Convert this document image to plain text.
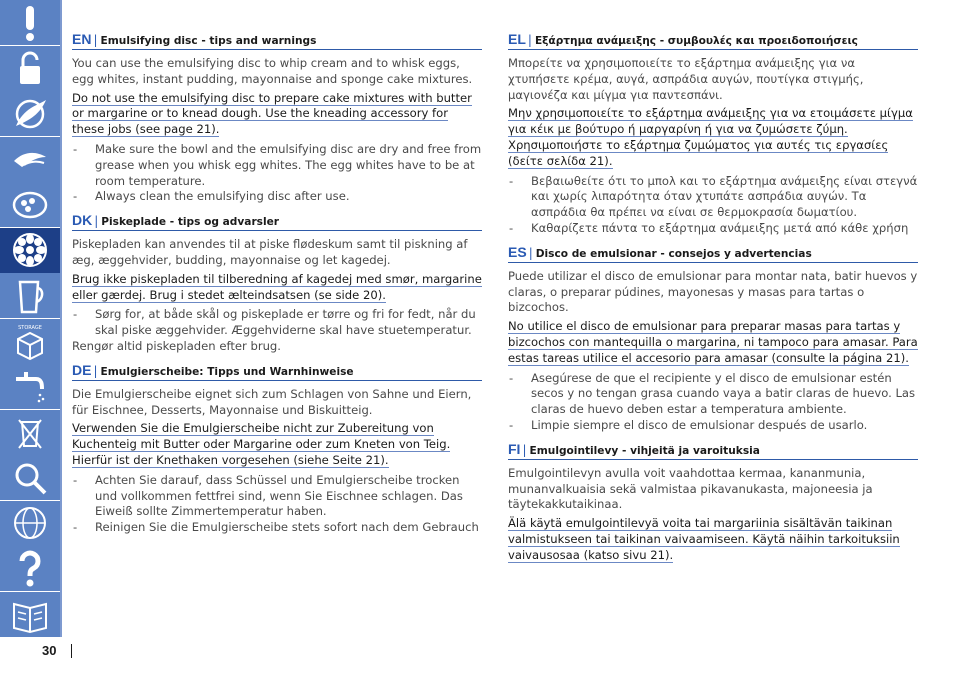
STORAGE
EN | Emulsifying disc - tips and warnings

You can use the emulsifying disc to whip cream and to whisk eggs, egg whites, instant pudding, mayonnaise and sponge cake mixtures.

Do not use the emulsifying disc to prepare cake mixtures with butter or margarine or to knead dough. Use the kneading accessory for these jobs (see page 21).

- Make sure the bowl and the emulsifying disc are dry and free from grease when you whisk egg whites. The egg whites have to be at room temperature.
- Always clean the emulsifying disc after use.
DK | Piskeplade - tips og advarsler

Piskepladen kan anvendes til at piske flødeskum samt til piskning af æg, æggehvider, budding, mayonnaise og let kagedej.

Brug ikke piskepladen til tilberedning af kagedej med smør, margarine eller gærdej. Brug i stedet ælteindsatsen (se side 20).

- Sørg for, at både skål og piskeplade er tørre og fri for fedt, når du skal piske æggehvider. Æggehviderne skal have stuetemperatur.

Rengør altid piskepladen efter brug.

DE | Emulgierscheibe: Tipps und Warnhinweise

Die Emulgierscheibe eignet sich zum Schlagen von Sahne und Eiern, für Eischnee, Desserts, Mayonnaise und Biskuitteig.

Verwenden Sie die Emulgierscheibe nicht zur Zubereitung von Kuchenteig mit Butter oder Margarine oder zum Kneten von Teig. Hierfür ist der Knethaken vorgesehen (siehe Seite 21).

- Achten Sie darauf, dass Schüssel und Emulgierscheibe trocken und vollkommen fettfrei sind, wenn Sie Eischnee schlagen. Das Eiweiß sollte Zimmertemperatur haben.
- Reinigen Sie die Emulgierscheibe stets sofort nach dem Gebrauch
EL | Εξάρτημα ανάμειξης - συμβουλές και προειδοποιήσεις

Μπορείτε να χρησιμοποιείτε το εξάρτημα ανάμειξης για να χτυπήσετε κρέμα, αυγά, ασπράδια αυγών, πουτίγκα στιγμής, μαγιονέζα και μίγμα για παντεσπάνι.

Μην χρησιμοποιείτε το εξάρτημα ανάμειξης για να ετοιμάσετε μίγμα για κέικ με βούτυρο ή μαργαρίνη ή για να ζυμώσετε ζύμη. Χρησιμοποιήστε το εξάρτημα ζυμώματος για αυτές τις εργασίες (δείτε σελίδα 21).

- Βεβαιωθείτε ότι το μπολ και το εξάρτημα ανάμειξης είναι στεγνά και χωρίς λιπαρότητα όταν χτυπάτε ασπράδια αυγών. Τα ασπράδια θα πρέπει να είναι σε θερμοκρασία δωματίου.
- Καθαρίζετε πάντα το εξάρτημα ανάμειξης μετά από κάθε χρήση
ES | Disco de emulsionar - consejos y advertencias

Puede utilizar el disco de emulsionar para montar nata, batir huevos y claras, o preparar púdines, mayonesas y masas para tartas o bizcochos.

No utilice el disco de emulsionar para preparar masas para tartas y bizcochos con mantequilla o margarina, ni tampoco para amasar. Para estas tareas utilice el accesorio para amasar (consulte la página 21).

- Asegúrese de que el recipiente y el disco de emulsionar estén secos y no tengan grasa cuando vaya a batir claras de huevo. Las claras de huevo deben estar a temperatura ambiente.
- Limpie siempre el disco de emulsionar después de usarlo.
FI | Emulgointilevy - vihjeitä ja varoituksia

Emulgointilevyn avulla voit vaahdottaa kermaa, kananmunia, munanvalkuaisia sekä valmistaa pikavanukasta, majoneesia ja täytekakkutaikinaa.

Älä käytä emulgointilevyä voita tai margariinia sisältävän taikinan valmistukseen tai taikinan vaivaamiseen. Käytä näihin tarkoituksiin vaivausosaa (katso sivu 21).

30
